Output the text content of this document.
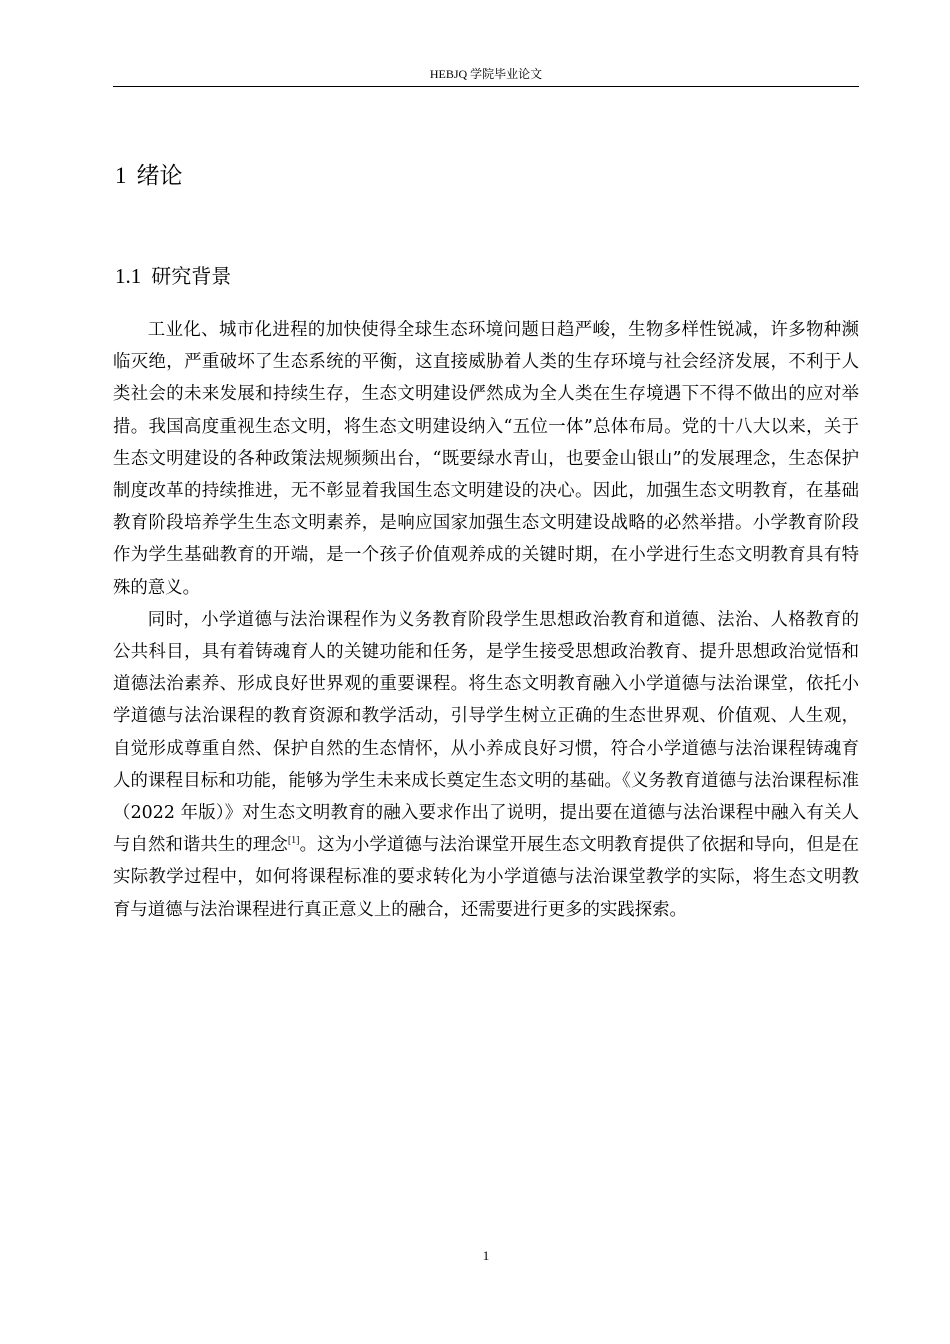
HEBJQ 学院毕业论文
1 绪论
1.1 研究背景

工业化、城市化进程的加快使得全球生态环境问题日趋严峻，生物多样性锐减，许多物种濒临灭绝，严重破坏了生态系统的平衡，这直接威胁着人类的生存环境与社会经济发展，不利于人类社会的未来发展和持续生存，生态文明建设俨然成为全人类在生存境遇下不得不做出的应对举措。我国高度重视生态文明，将生态文明建设纳入“五位一体”总体布局。党的十八大以来，关于生态文明建设的各种政策法规频频出台，“既要绿水青山，也要金山银山”的发展理念，生态保护制度改革的持续推进，无不彰显着我国生态文明建设的决心。因此，加强生态文明教育，在基础教育阶段培养学生生态文明素养，是响应国家加强生态文明建设战略的必然举措。小学教育阶段作为学生基础教育的开端，是一个孩子价值观养成的关键时期，在小学进行生态文明教育具有特殊的意义。

同时，小学道德与法治课程作为义务教育阶段学生思想政治教育和道德、法治、人格教育的公共科目，具有着铸魂育人的关键功能和任务，是学生接受思想政治教育、提升思想政治觉悟和道德法治素养、形成良好世界观的重要课程。将生态文明教育融入小学道德与法治课堂，依托小学道德与法治课程的教育资源和教学活动，引导学生树立正确的生态世界观、价值观、人生观，自觉形成尊重自然、保护自然的生态情怀，从小养成良好习惯，符合小学道德与法治课程铸魂育人的课程目标和功能，能够为学生未来成长奠定生态文明的基础。《义务教育道德与法治课程标准（2022 年版）》对生态文明教育的融入要求作出了说明，提出要在道德与法治课程中融入有关人与自然和谐共生的理念[1]。这为小学道德与法治课堂开展生态文明教育提供了依据和导向，但是在实际教学过程中，如何将课程标准的要求转化为小学道德与法治课堂教学的实际，将生态文明教育与道德与法治课程进行真正意义上的融合，还需要进行更多的实践探索。

1
